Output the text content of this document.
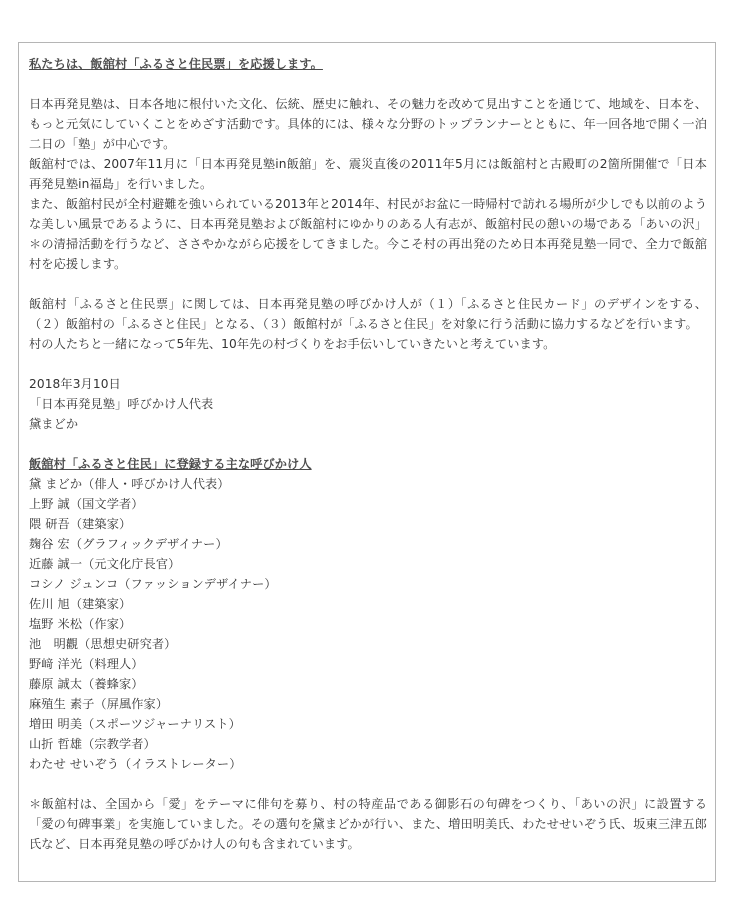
私たちは、飯舘村「ふるさと住民票」を応援します。

日本再発見塾は、日本各地に根付いた文化、伝統、歴史に触れ、その魅力を改めて見出すことを通じて、地域を、日本を、もっと元気にしていくことをめざす活動です。具体的には、様々な分野のトップランナーとともに、年一回各地で開く一泊二日の「塾」が中心です。

飯舘村では、2007年11月に「日本再発見塾in飯舘」を、震災直後の2011年5月には飯舘村と古殿町の2箇所開催で「日本再発見塾in福島」を行いました。

また、飯舘村民が全村避難を強いられている2013年と2014年、村民がお盆に一時帰村で訪れる場所が少しでも以前のような美しい風景であるように、日本再発見塾および飯舘村にゆかりのある人有志が、飯舘村民の憩いの場である「あいの沢」＊の清掃活動を行うなど、ささやかながら応援をしてきました。今こそ村の再出発のため日本再発見塾一同で、全力で飯舘村を応援します。

飯舘村「ふるさと住民票」に関しては、日本再発見塾の呼びかけ人が（１）「ふるさと住民カード」のデザインをする、（２）飯舘村の「ふるさと住民」となる、（３）飯館村が「ふるさと住民」を対象に行う活動に協力するなどを行います。

村の人たちと一緒になって5年先、10年先の村づくりをお手伝いしていきたいと考えています。

2018年3月10日

「日本再発見塾」呼びかけ人代表

黛まどか

飯舘村「ふるさと住民」に登録する主な呼びかけ人

黛 まどか（俳人・呼びかけ人代表）

上野 誠（国文学者）

隈 研吾（建築家）

麹谷 宏（グラフィックデザイナー）

近藤 誠一（元文化庁長官）

コシノ ジュンコ（ファッションデザイナー）

佐川 旭（建築家）

塩野 米松（作家）

池　明觀（思想史研究者）

野﨑 洋光（料理人）

藤原 誠太（養蜂家）

麻殖生 素子（屏風作家）

増田 明美（スポーツジャーナリスト）

山折 哲雄（宗教学者）

わたせ せいぞう（イラストレーター）

＊飯舘村は、全国から「愛」をテーマに俳句を募り、村の特産品である御影石の句碑をつくり、「あいの沢」に設置する「愛の句碑事業」を実施していました。その選句を黛まどかが行い、また、増田明美氏、わたせせいぞう氏、坂東三津五郎氏など、日本再発見塾の呼びかけ人の句も含まれています。
